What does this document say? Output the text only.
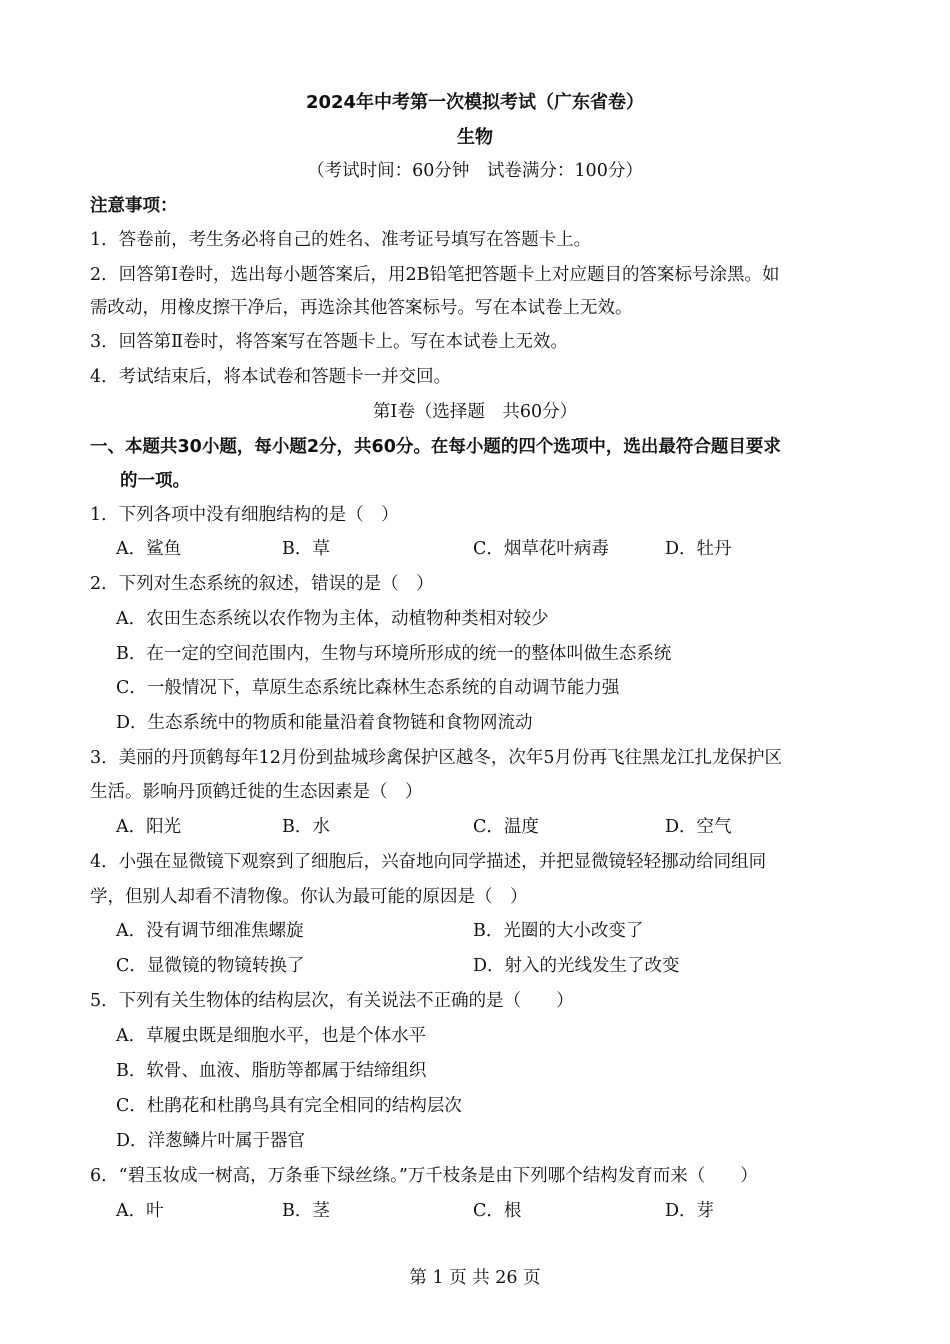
2024年中考第一次模拟考试（广东省卷）
生物
（考试时间：60分钟　试卷满分：100分）
注意事项：
1．答卷前，考生务必将自己的姓名、准考证号填写在答题卡上。
2．回答第Ⅰ卷时，选出每小题答案后，用2B铅笔把答题卡上对应题目的答案标号涂黑。如
需改动，用橡皮擦干净后，再选涂其他答案标号。写在本试卷上无效。
3．回答第Ⅱ卷时，将答案写在答题卡上。写在本试卷上无效。
4．考试结束后，将本试卷和答题卡一并交回。
第Ⅰ卷（选择题　共60分）
一、本题共30小题，每小题2分，共60分。在每小题的四个选项中，选出最符合题目要求
的一项。
1．下列各项中没有细胞结构的是（　）
A．鲨鱼	B．草	C．烟草花叶病毒	D．牡丹
2．下列对生态系统的叙述，错误的是（　）
A．农田生态系统以农作物为主体，动植物种类相对较少
B．在一定的空间范围内，生物与环境所形成的统一的整体叫做生态系统
C．一般情况下，草原生态系统比森林生态系统的自动调节能力强
D．生态系统中的物质和能量沿着食物链和食物网流动
3．美丽的丹顶鹤每年12月份到盐城珍禽保护区越冬，次年5月份再飞往黑龙江扎龙保护区
生活。影响丹顶鹤迁徙的生态因素是（　）
A．阳光	B．水	C．温度	D．空气
4．小强在显微镜下观察到了细胞后，兴奋地向同学描述，并把显微镜轻轻挪动给同组同
学，但别人却看不清物像。你认为最可能的原因是（　）
A．没有调节细准焦螺旋	B．光圈的大小改变了
C．显微镜的物镜转换了	D．射入的光线发生了改变
5．下列有关生物体的结构层次，有关说法不正确的是（　　）
A．草履虫既是细胞水平，也是个体水平
B．软骨、血液、脂肪等都属于结缔组织
C．杜鹃花和杜鹃鸟具有完全相同的结构层次
D．洋葱鳞片叶属于器官
6．“碧玉妆成一树高，万条垂下绿丝绦。”万千枝条是由下列哪个结构发育而来（　　）
A．叶	B．茎	C．根	D．芽
第 1 页 共 26 页
